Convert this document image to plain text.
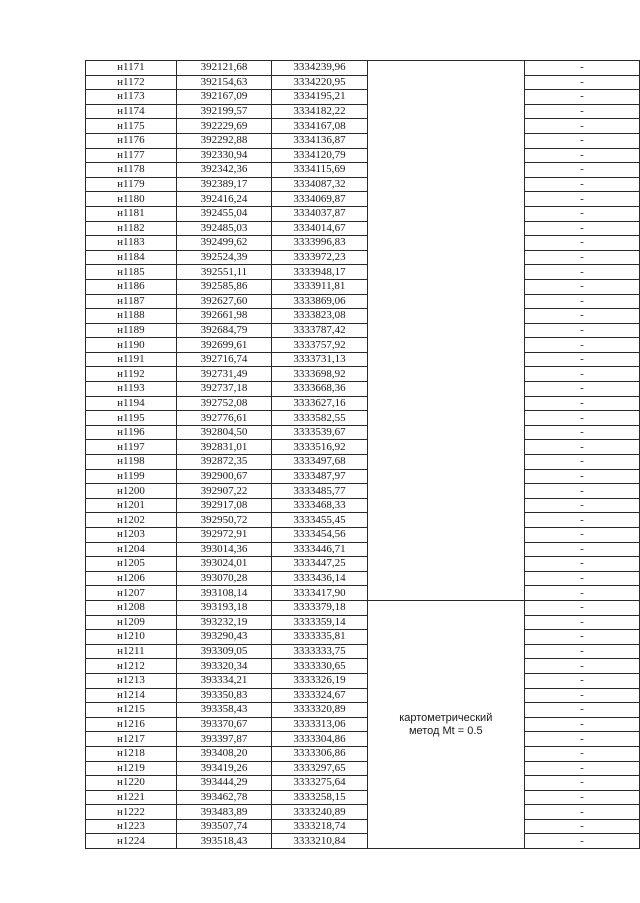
н1171	392121,68	3334239,96		-
н1172	392154,63	3334220,95		-
н1173	392167,09	3334195,21		-
н1174	392199,57	3334182,22		-
н1175	392229,69	3334167,08		-
н1176	392292,88	3334136,87		-
н1177	392330,94	3334120,79		-
н1178	392342,36	3334115,69		-
н1179	392389,17	3334087,32		-
н1180	392416,24	3334069,87		-
н1181	392455,04	3334037,87		-
н1182	392485,03	3334014,67		-
н1183	392499,62	3333996,83		-
н1184	392524,39	3333972,23		-
н1185	392551,11	3333948,17		-
н1186	392585,86	3333911,81		-
н1187	392627,60	3333869,06		-
н1188	392661,98	3333823,08		-
н1189	392684,79	3333787,42		-
н1190	392699,61	3333757,92		-
н1191	392716,74	3333731,13		-
н1192	392731,49	3333698,92		-
н1193	392737,18	3333668,36		-
н1194	392752,08	3333627,16		-
н1195	392776,61	3333582,55		-
н1196	392804,50	3333539,67		-
н1197	392831,01	3333516,92		-
н1198	392872,35	3333497,68		-
н1199	392900,67	3333487,97		-
н1200	392907,22	3333485,77		-
н1201	392917,08	3333468,33		-
н1202	392950,72	3333455,45		-
н1203	392972,91	3333454,56		-
н1204	393014,36	3333446,71		-
н1205	393024,01	3333447,25		-
н1206	393070,28	3333436,14		-
н1207	393108,14	3333417,90		-
н1208	393193,18	3333379,18	картометрический
метод Mt = 0.5	-
н1209	393232,19	3333359,14		-
н1210	393290,43	3333335,81		-
н1211	393309,05	3333333,75		-
н1212	393320,34	3333330,65		-
н1213	393334,21	3333326,19		-
н1214	393350,83	3333324,67		-
н1215	393358,43	3333320,89		-
н1216	393370,67	3333313,06		-
н1217	393397,87	3333304,86		-
н1218	393408,20	3333306,86		-
н1219	393419,26	3333297,65		-
н1220	393444,29	3333275,64		-
н1221	393462,78	3333258,15		-
н1222	393483,89	3333240,89		-
н1223	393507,74	3333218,74		-
н1224	393518,43	3333210,84		-
